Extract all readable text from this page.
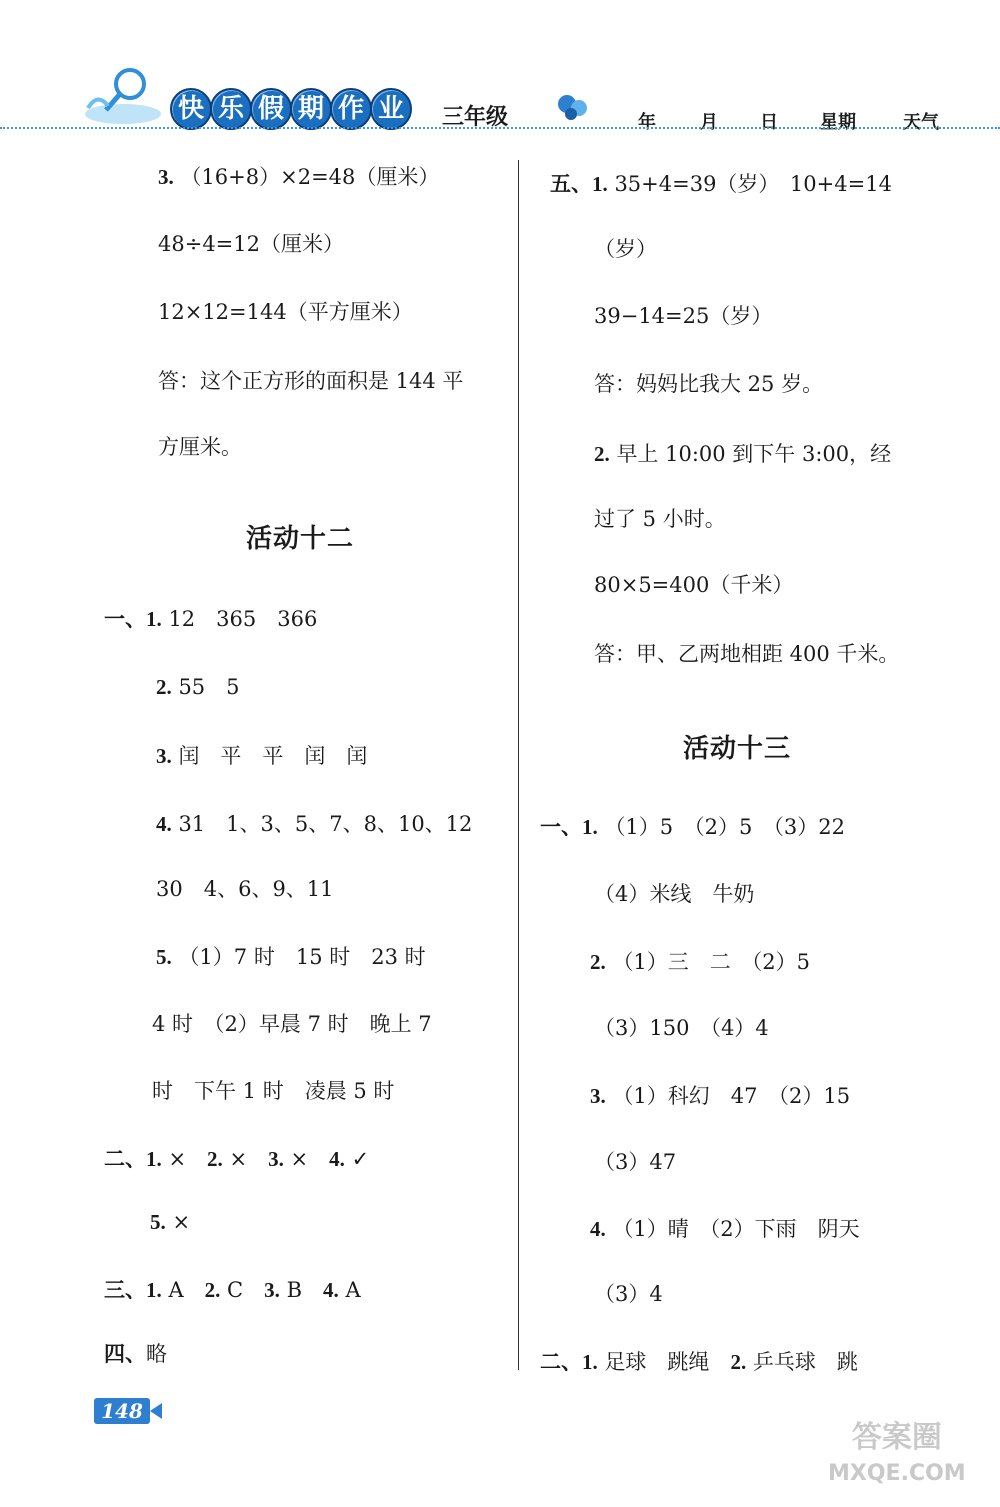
快 乐 假 期 作 业	三年级	年 月 日 星期	天气
3. （16+8）×2=48（厘米）
48÷4=12（厘米）
12×12=144（平方厘米）
答：这个正方形的面积是 144 平
方厘米。
活动十二
一、1. 12　365　366
2. 55　5
3. 闰　平　平　闰　闰
4. 31　1、3、5、7、8、10、12
30　4、6、9、11
5. （1）7 时　15 时　23 时
4 时　（2）早晨 7 时　晚上 7
时　下午 1 时　凌晨 5 时
二、1. ×　2. ×　3. ×　4. ✓
5. ×
三、1. A　2. C　3. B　4. A
四、略
五、1. 35+4=39（岁）　10+4=14
（岁）
39−14=25（岁）
答：妈妈比我大 25 岁。
2. 早上 10:00 到下午 3:00，经
过了 5 小时。
80×5=400（千米）
答：甲、乙两地相距 400 千米。
活动十三
一、1. （1）5　（2）5　（3）22
（4）米线　牛奶
2. （1）三　二　（2）5
（3）150　（4）4
3. （1）科幻　47　（2）15
（3）47
4. （1）晴　（2）下雨　阴天
（3）4
二、1. 足球　跳绳　2. 乒乓球　跳
148
答案圈
MXQE.COM
